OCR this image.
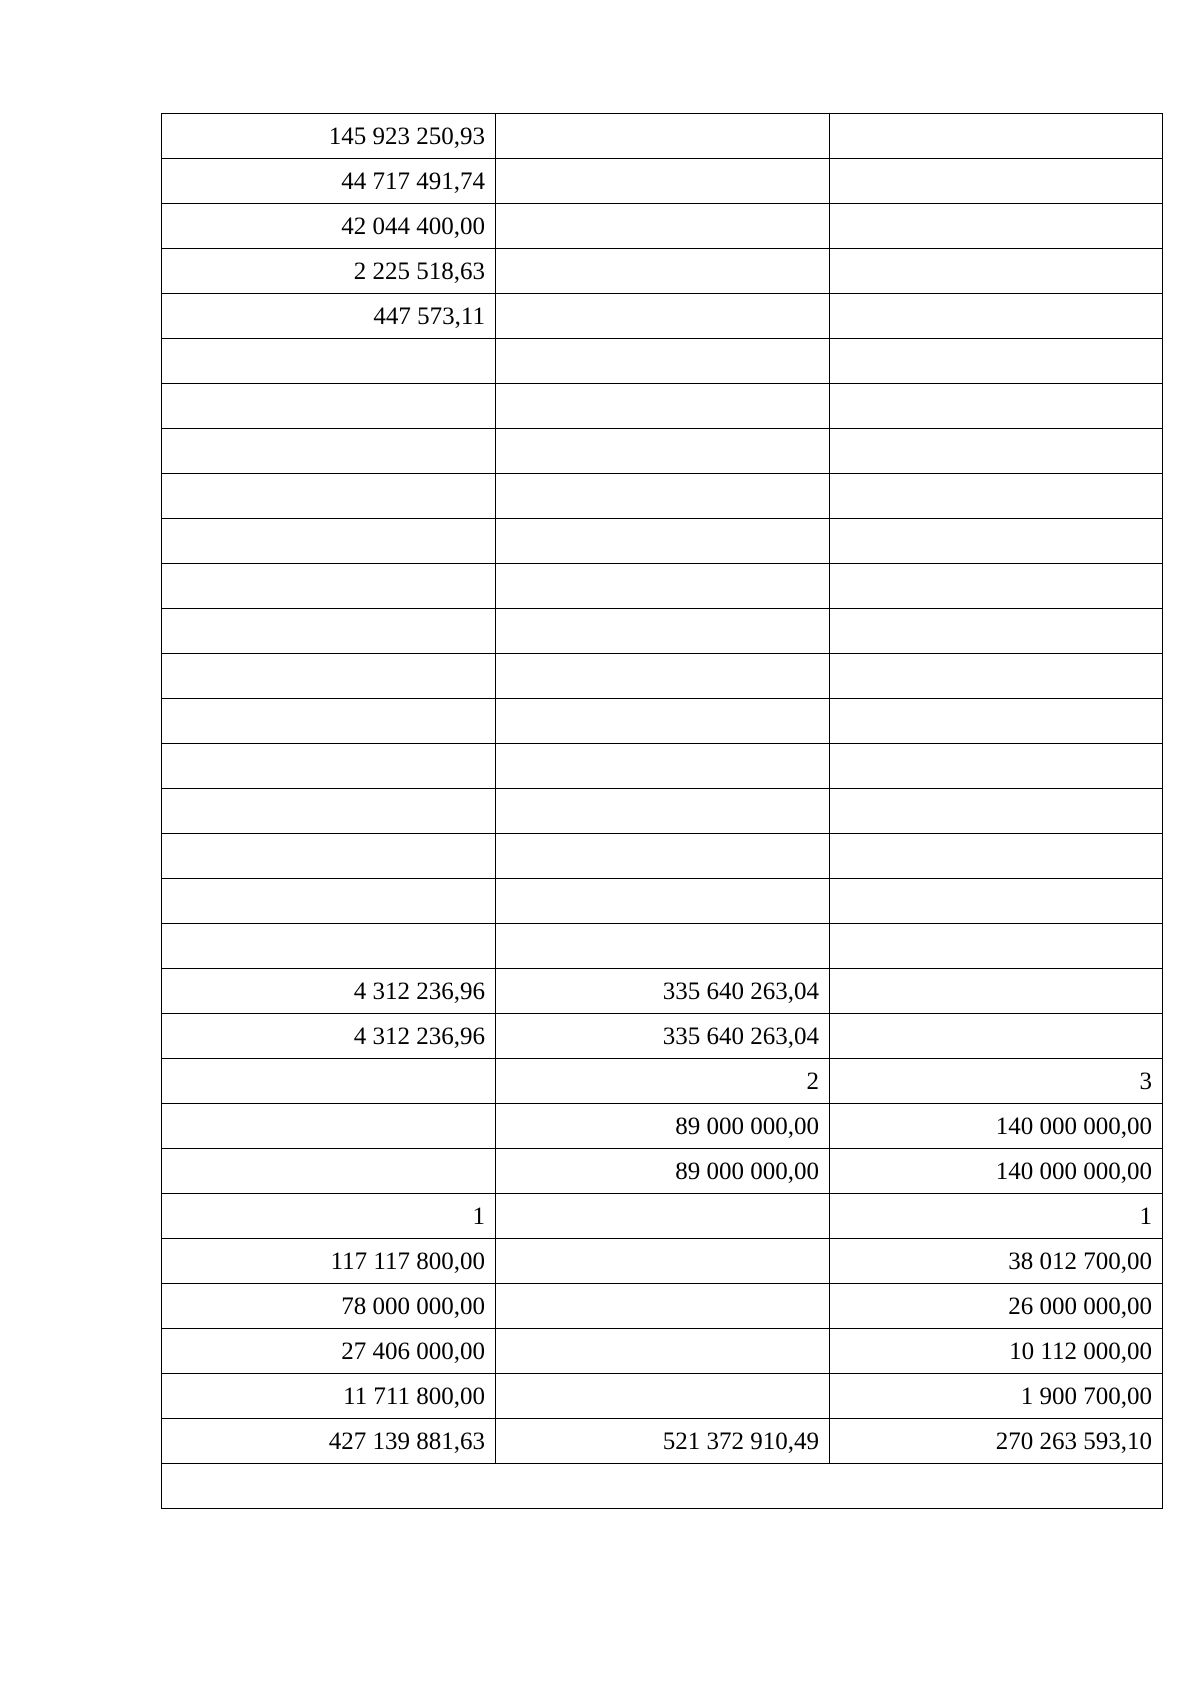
145 923 250,93		
44 717 491,74		
42 044 400,00		
2 225 518,63		
447 573,11		

4 312 236,96	335 640 263,04	
4 312 236,96	335 640 263,04	
	2	3
	89 000 000,00	140 000 000,00
	89 000 000,00	140 000 000,00
1		1
117 117 800,00		38 012 700,00
78 000 000,00		26 000 000,00
27 406 000,00		10 112 000,00
11 711 800,00		1 900 700,00
427 139 881,63	521 372 910,49	270 263 593,10
